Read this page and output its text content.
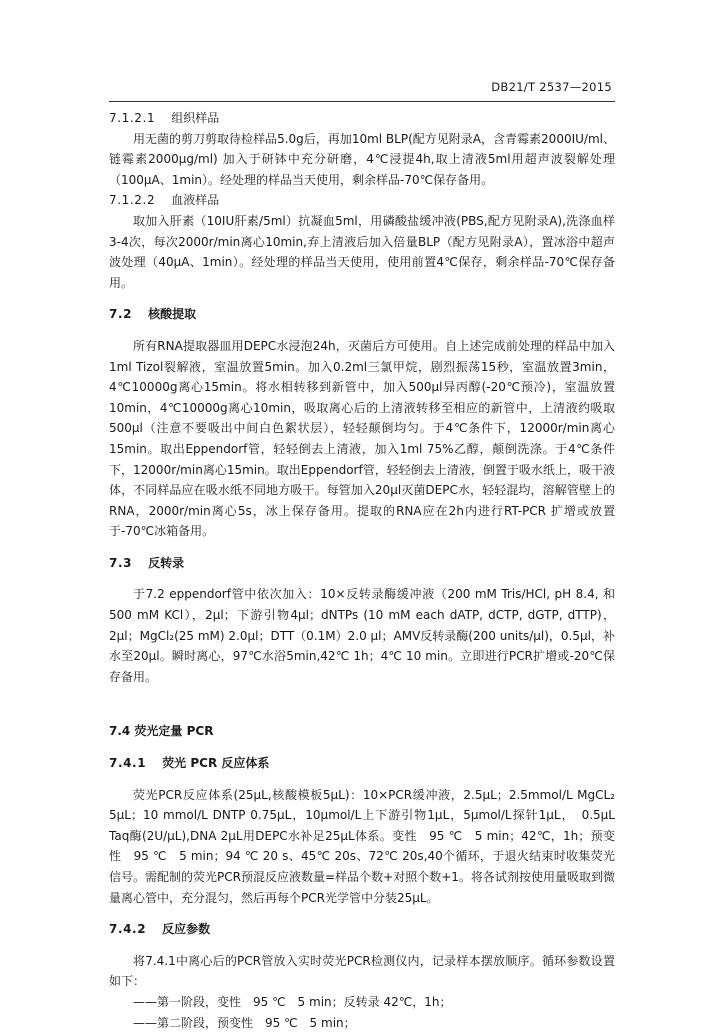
DB21/T 2537—2015

7.1.2.1 组织样品

用无菌的剪刀剪取待检样品5.0g后，再加10ml BLP(配方见附录A，含青霉素2000IU/ml、链霉素2000μg/ml) 加入于研钵中充分研磨，4℃浸提4h,取上清液5ml用超声波裂解处理（100μA、1min）。经处理的样品当天使用，剩余样品-70℃保存备用。

7.1.2.2 血液样品

取加入肝素（10IU肝素/5ml）抗凝血5ml，用磷酸盐缓冲液(PBS,配方见附录A),洗涤血样3-4次，每次2000r/min离心10min,弃上清液后加入倍量BLP（配方见附录A），置冰浴中超声波处理（40μA、1min）。经处理的样品当天使用，使用前置4℃保存，剩余样品-70℃保存备用。

7.2 核酸提取

所有RNA提取器皿用DEPC水浸泡24h，灭菌后方可使用。自上述完成前处理的样品中加入1ml Tizol裂解液，室温放置5min。加入0.2ml三氯甲烷，剧烈振荡15秒，室温放置3min，4℃10000g离心15min。将水相转移到新管中，加入500μl异丙醇(-20℃预冷)，室温放置10min，4℃10000g离心10min，吸取离心后的上清液转移至相应的新管中，上清液约吸取500μl（注意不要吸出中间白色絮状层），轻轻颠倒均匀。于4℃条件下，12000r/min离心15min。取出Eppendorf管，轻轻倒去上清液，加入1ml 75%乙醇，颠倒洗涤。于4℃条件下，12000r/min离心15min。取出Eppendorf管，轻轻倒去上清液，倒置于吸水纸上，吸干液体，不同样品应在吸水纸不同地方吸干。每管加入20μl灭菌DEPC水，轻轻混均，溶解管壁上的RNA，2000r/min离心5s，冰上保存备用。提取的RNA应在2h内进行RT-PCR 扩增或放置于-70℃冰箱备用。

7.3 反转录

于7.2 eppendorf管中依次加入：10×反转录酶缓冲液（200 mM Tris/HCl, pH 8.4, 和500 mM KCl），2μl；下游引物4μl；dNTPs (10 mM each dATP, dCTP, dGTP, dTTP)，2μl；MgCl₂(25 mM) 2.0μl；DTT（0.1M）2.0 μl；AMV反转录酶(200 units/μl)，0.5μl，补水至20μl。瞬时离心，97℃水浴5min,42℃ 1h；4℃ 10 min。立即进行PCR扩增或-20℃保存备用。

7.4 荧光定量 PCR

7.4.1 荧光 PCR 反应体系

荧光PCR反应体系(25μL,核酸模板5μL)：10×PCR缓冲液，2.5μL；2.5mmol/L MgCL₂ 5μL；10 mmol/L DNTP 0.75μL，10μmol/L上下游引物1μL，5μmol/L探针1μL，　0.5μL Taq酶(2U/μL),DNA 2μL用DEPC水补足25μL体系。变性　95 ℃　5 min；42℃，1h；预变性　95 ℃　5 min；94 ℃ 20 s、45℃ 20s、72℃ 20s,40个循环，于退火结束时收集荧光信号。需配制的荧光PCR预混反应液数量=样品个数+对照个数+1。将各试剂按使用量吸取到微量离心管中，充分混匀，然后再每个PCR光学管中分装25μL。

7.4.2 反应参数

将7.4.1中离心后的PCR管放入实时荧光PCR检测仪内，记录样本摆放顺序。循环参数设置如下：

——第一阶段，变性　95 ℃　5 min；反转录 42℃，1h；

——第二阶段，预变性　95 ℃　5 min；
